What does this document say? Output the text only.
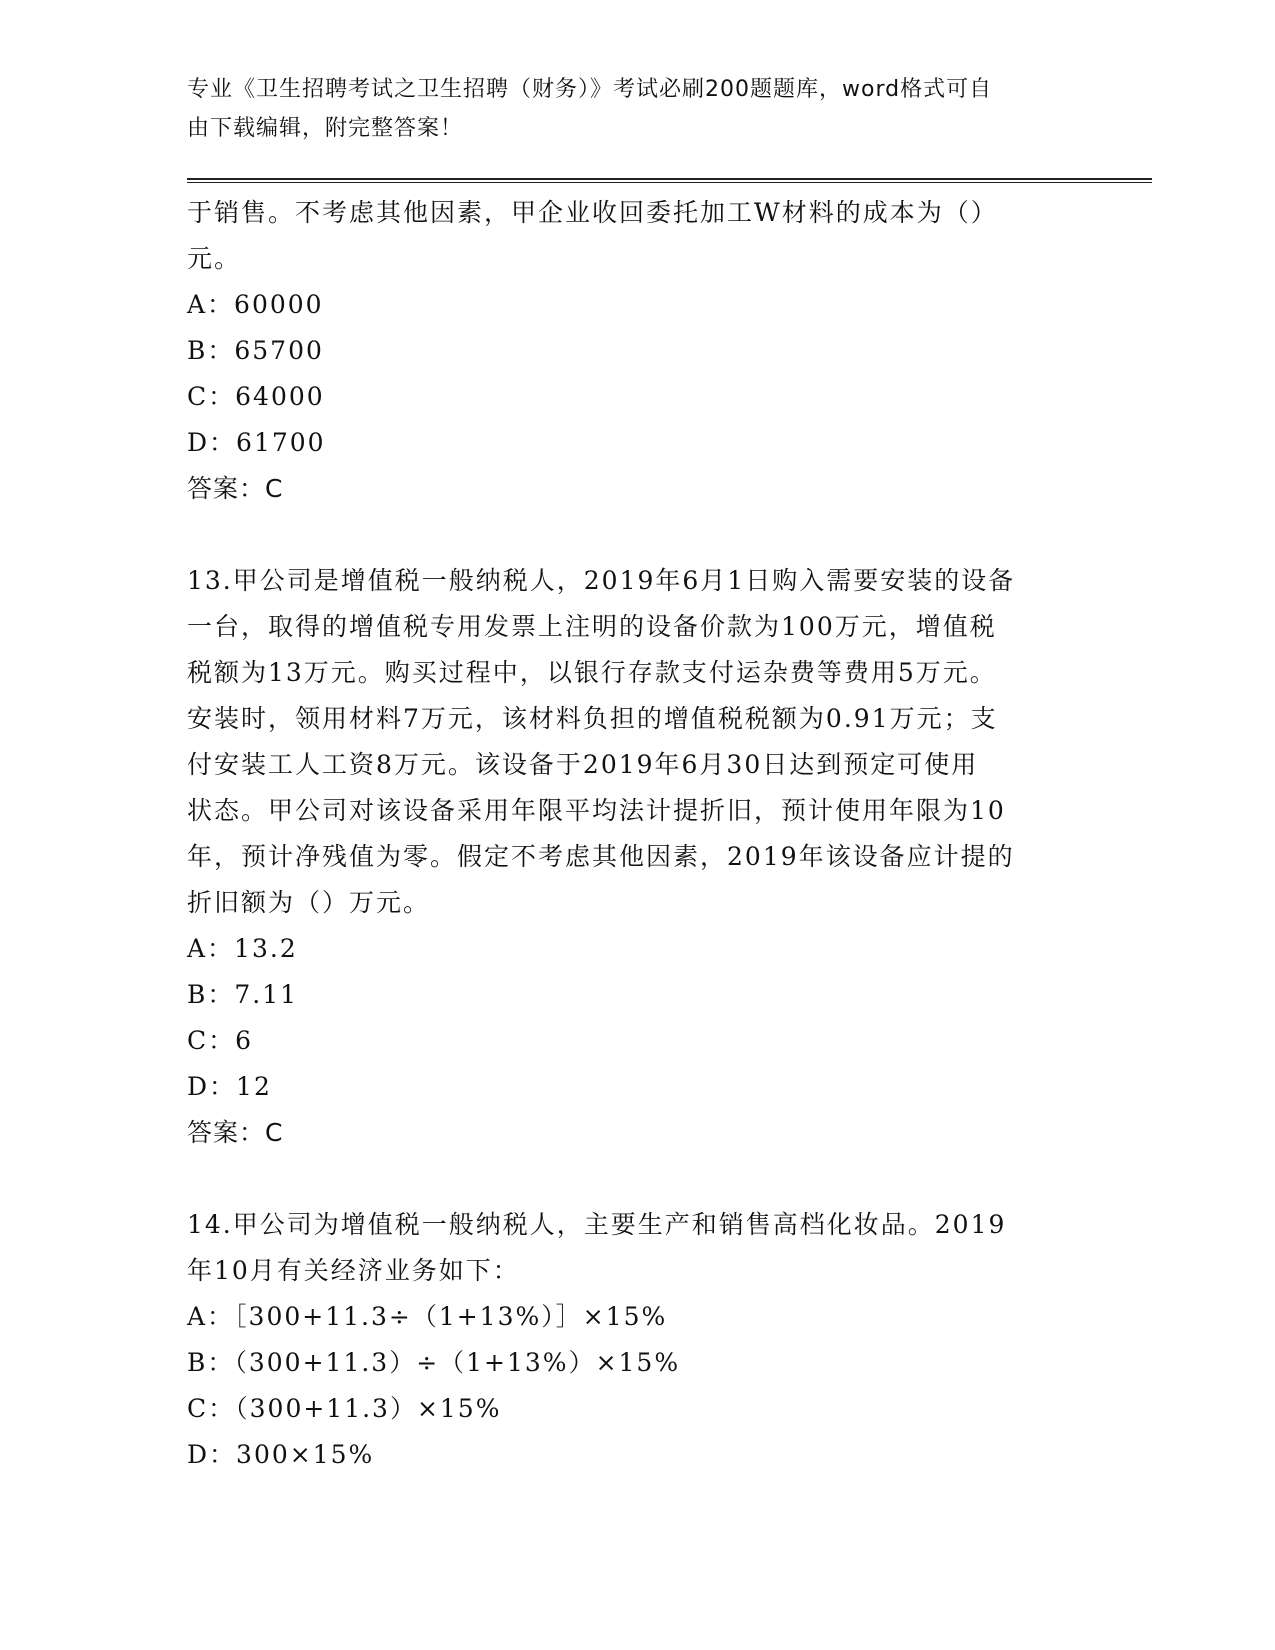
专业《卫生招聘考试之卫生招聘（财务）》考试必刷200题题库，word格式可自
由下载编辑，附完整答案！

于销售。不考虑其他因素，甲企业收回委托加工W材料的成本为（）

元。

A：60000

B：65700

C：64000

D：61700

答案：C

13.甲公司是增值税一般纳税人，2019年6月1日购入需要安装的设备

一台，取得的增值税专用发票上注明的设备价款为100万元，增值税

税额为13万元。购买过程中，以银行存款支付运杂费等费用5万元。

安装时，领用材料7万元，该材料负担的增值税税额为0.91万元；支

付安装工人工资8万元。该设备于2019年6月30日达到预定可使用

状态。甲公司对该设备采用年限平均法计提折旧，预计使用年限为10

年，预计净残值为零。假定不考虑其他因素，2019年该设备应计提的

折旧额为（）万元。

A：13.2

B：7.11

C：6

D：12

答案：C

14.甲公司为增值税一般纳税人，主要生产和销售高档化妆品。2019

年10月有关经济业务如下：

A：［300+11.3÷（1+13%）］×15%

B：（300+11.3）÷（1+13%）×15%

C：（300+11.3）×15%

D：300×15%
